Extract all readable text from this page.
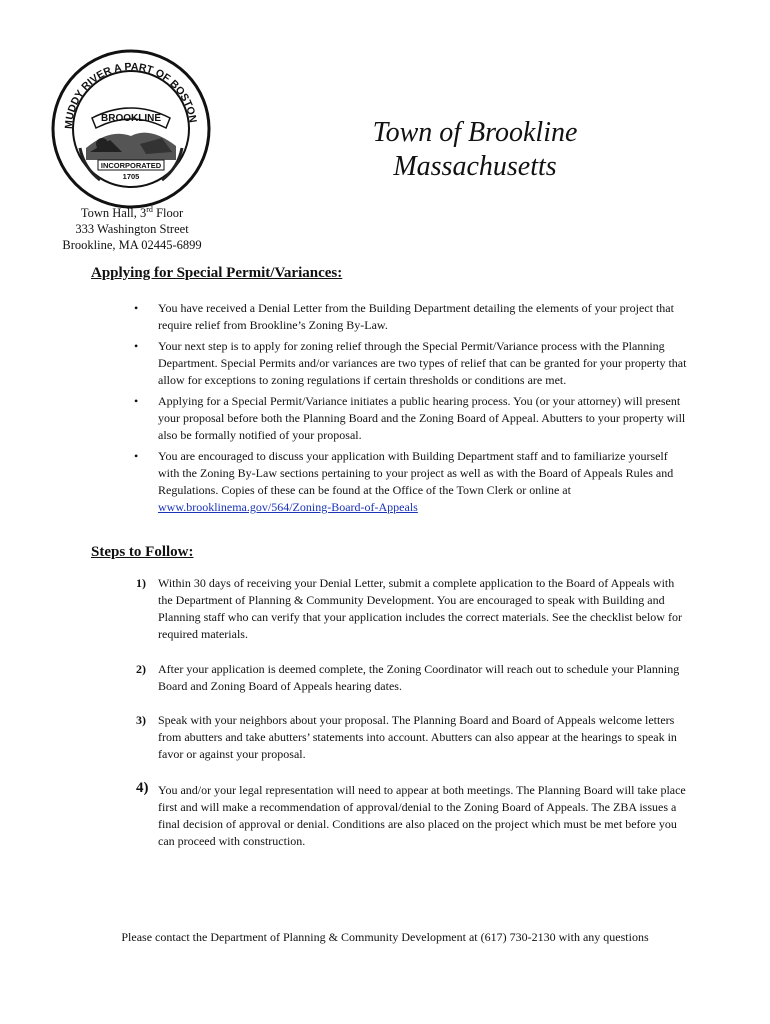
MUDDY RIVER A PART OF BOSTON
BROOKLINE
INCORPORATED
1705
Town of Brookline
Massachusetts
Town Hall, 3rd Floor
333 Washington Street
Brookline, MA 02445-6899
Applying for Special Permit/Variances:
• You have received a Denial Letter from the Building Department detailing the elements of your project that require relief from Brookline’s Zoning By-Law.
• Your next step is to apply for zoning relief through the Special Permit/Variance process with the Planning Department. Special Permits and/or variances are two types of relief that can be granted for your property that allow for exceptions to zoning regulations if certain thresholds or conditions are met.
• Applying for a Special Permit/Variance initiates a public hearing process. You (or your attorney) will present your proposal before both the Planning Board and the Zoning Board of Appeal. Abutters to your property will also be formally notified of your proposal.
• You are encouraged to discuss your application with Building Department staff and to familiarize yourself with the Zoning By-Law sections pertaining to your project as well as with the Board of Appeals Rules and Regulations. Copies of these can be found at the Office of the Town Clerk or online at www.brooklinema.gov/564/Zoning-Board-of-Appeals
Steps to Follow:
1) Within 30 days of receiving your Denial Letter, submit a complete application to the Board of Appeals with the Department of Planning & Community Development. You are encouraged to speak with Building and Planning staff who can verify that your application includes the correct materials. See the checklist below for required materials.
2) After your application is deemed complete, the Zoning Coordinator will reach out to schedule your Planning Board and Zoning Board of Appeals hearing dates.
3) Speak with your neighbors about your proposal. The Planning Board and Board of Appeals welcome letters from abutters and take abutters’ statements into account. Abutters can also appear at the hearings to speak in favor or against your proposal.
4) You and/or your legal representation will need to appear at both meetings. The Planning Board will take place first and will make a recommendation of approval/denial to the Zoning Board of Appeals. The ZBA issues a final decision of approval or denial. Conditions are also placed on the project which must be met before you can proceed with construction.
Please contact the Department of Planning & Community Development at (617) 730-2130 with any questions
